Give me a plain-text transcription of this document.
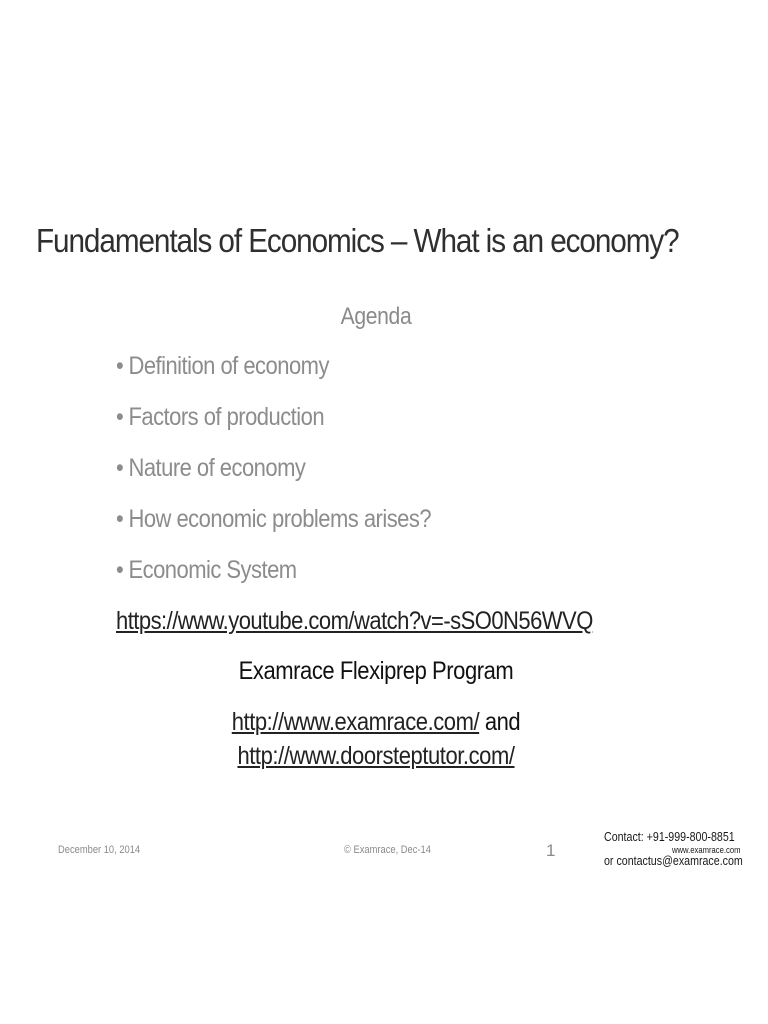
Fundamentals of Economics – What is an economy?
Agenda
• Definition of economy
• Factors of production
• Nature of economy
• How economic problems arises?
• Economic System
https://www.youtube.com/watch?v=-sSO0N56WVQ
Examrace Flexiprep Program
http://www.examrace.com/ and
http://www.doorsteptutor.com/
December 10, 2014	© Examrace, Dec-14	1
Contact: +91-999-800-8851
www.examrace.com
or contactus@examrace.com
